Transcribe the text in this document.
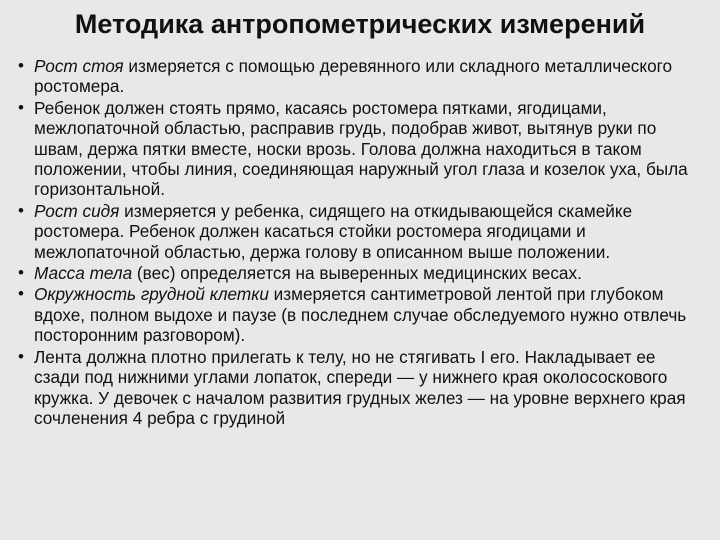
Методика антропометрических измерений
• Рост стоя измеряется с помощью деревянного или складного металлического ростомера.
• Ребенок должен стоять прямо, касаясь ростомера пятками, ягодицами, межлопаточной областью, расправив грудь, подобрав живот, вытянув руки по швам, держа пятки вместе, носки врозь. Голова должна находиться в таком положении, чтобы линия, соединяющая наружный угол глаза и козелок уха, была горизонтальной.
• Рост сидя измеряется у ребенка, сидящего на откидывающейся скамейке ростомера. Ребенок должен касаться стойки ростомера ягодицами и межлопаточной областью, держа голову в описанном выше положении.
• Масса тела (вес) определяется на выверенных медицинских весах.
• Окружность грудной клетки измеряется сантиметровой лентой при глубоком вдохе, полном выдохе и паузе (в последнем случае обследуемого нужно отвлечь посторонним разговором).
• Лента должна плотно прилегать к телу, но не стягивать I его. Накладывает ее сзади под нижними углами лопаток, спереди — у нижнего края околососкового кружка. У девочек с началом развития грудных желез — на уровне верхнего края сочленения 4 ребра с грудиной
